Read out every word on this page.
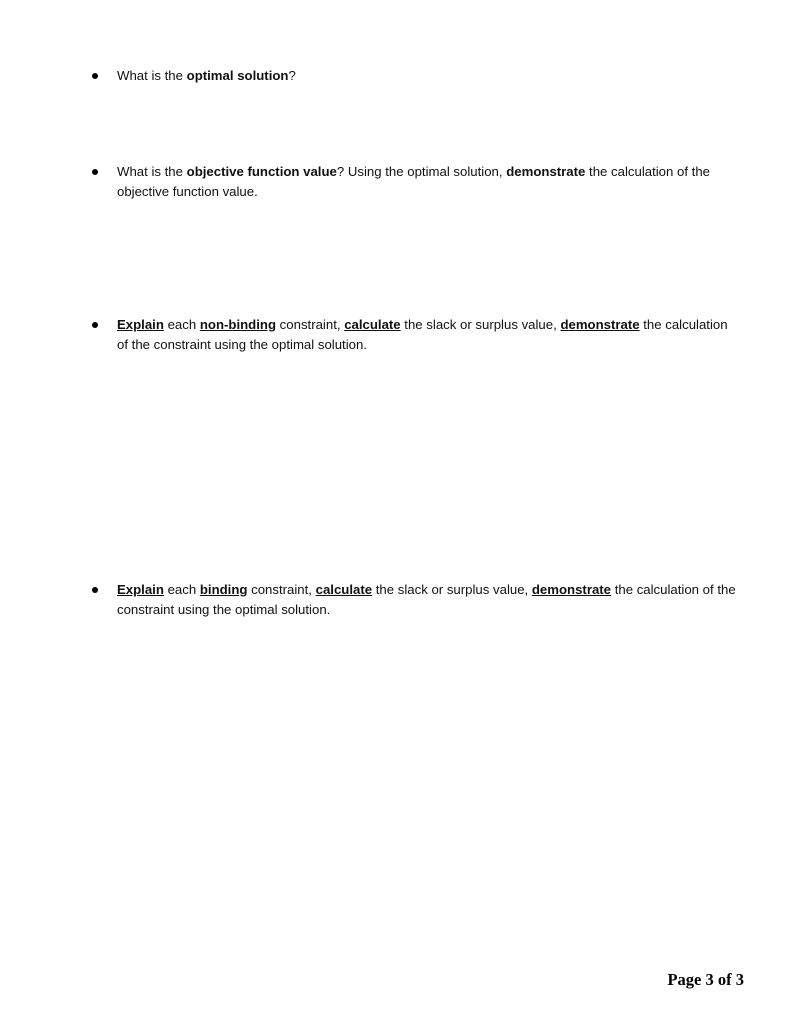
What is the optimal solution?
What is the objective function value? Using the optimal solution, demonstrate the calculation of the objective function value.
Explain each non-binding constraint, calculate the slack or surplus value, demonstrate the calculation of the constraint using the optimal solution.
Explain each binding constraint, calculate the slack or surplus value, demonstrate the calculation of the constraint using the optimal solution.
Page 3 of 3
